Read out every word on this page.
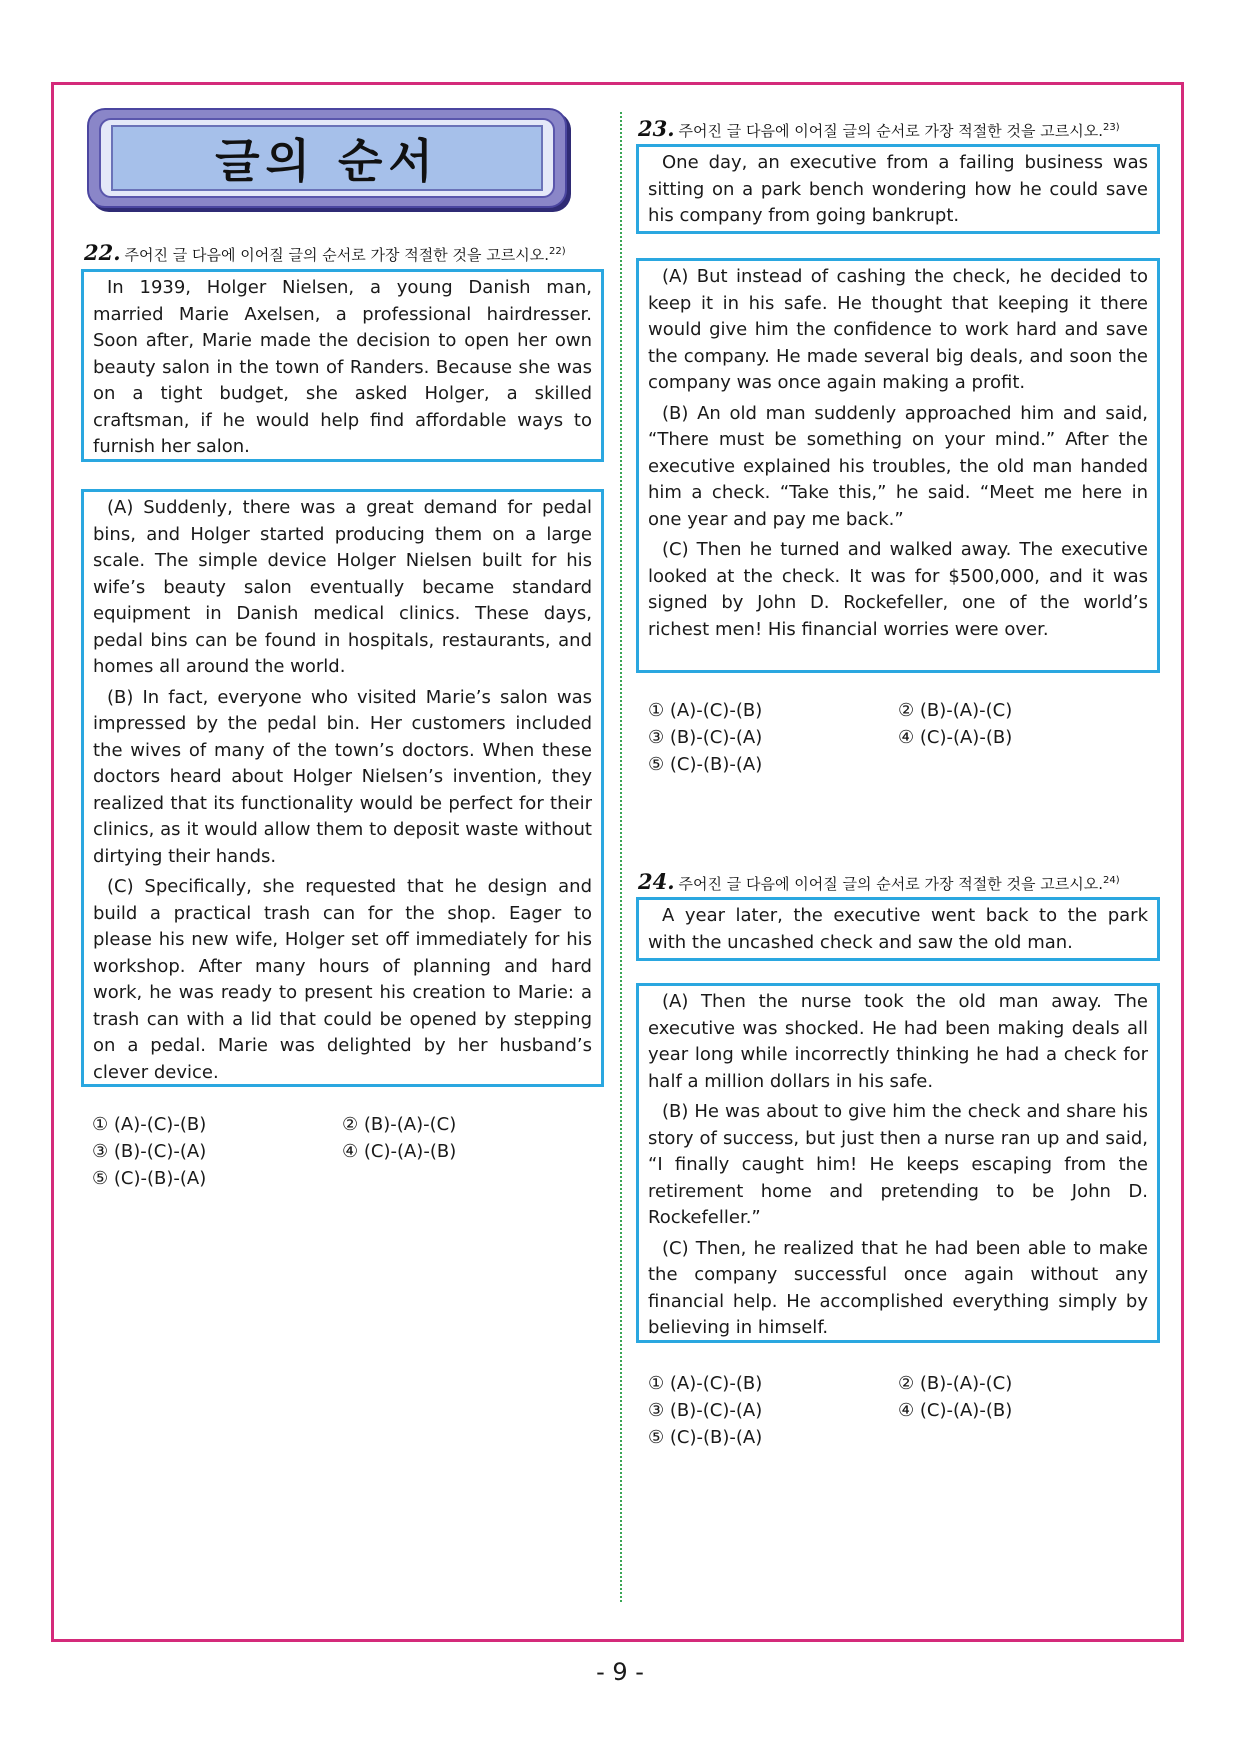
글의 순서
22. 주어진 글 다음에 이어질 글의 순서로 가장 적절한 것을 고르시오.$^{22)}$

In 1939, Holger Nielsen, a young Danish man, married Marie Axelsen, a professional hairdresser. Soon after, Marie made the decision to open her own beauty salon in the town of Randers. Because she was on a tight budget, she asked Holger, a skilled craftsman, if he would help find affordable ways to furnish her salon.

(A) Suddenly, there was a great demand for pedal bins, and Holger started producing them on a large scale. The simple device Holger Nielsen built for his wife’s beauty salon eventually became standard equipment in Danish medical clinics. These days, pedal bins can be found in hospitals, restaurants, and homes all around the world.

(B) In fact, everyone who visited Marie’s salon was impressed by the pedal bin. Her customers included the wives of many of the town’s doctors. When these doctors heard about Holger Nielsen’s invention, they realized that its functionality would be perfect for their clinics, as it would allow them to deposit waste without dirtying their hands.

(C) Specifically, she requested that he design and build a practical trash can for the shop. Eager to please his new wife, Holger set off immediately for his workshop. After many hours of planning and hard work, he was ready to present his creation to Marie: a trash can with a lid that could be opened by stepping on a pedal. Marie was delighted by her husband’s clever device.

① (A)-(C)-(B)	② (B)-(A)-(C)
③ (B)-(C)-(A)	④ (C)-(A)-(B)
⑤ (C)-(B)-(A)
23. 주어진 글 다음에 이어질 글의 순서로 가장 적절한 것을 고르시오.$^{23)}$

One day, an executive from a failing business was sitting on a park bench wondering how he could save his company from going bankrupt.

(A) But instead of cashing the check, he decided to keep it in his safe. He thought that keeping it there would give him the confidence to work hard and save the company. He made several big deals, and soon the company was once again making a profit.

(B) An old man suddenly approached him and said, “There must be something on your mind.” After the executive explained his troubles, the old man handed him a check. “Take this,” he said. “Meet me here in one year and pay me back.”

(C) Then he turned and walked away. The executive looked at the check. It was for $500,000, and it was signed by John D. Rockefeller, one of the world’s richest men! His financial worries were over.

① (A)-(C)-(B)	② (B)-(A)-(C)
③ (B)-(C)-(A)	④ (C)-(A)-(B)
⑤ (C)-(B)-(A)
24. 주어진 글 다음에 이어질 글의 순서로 가장 적절한 것을 고르시오.$^{24)}$

A year later, the executive went back to the park with the uncashed check and saw the old man.

(A) Then the nurse took the old man away. The executive was shocked. He had been making deals all year long while incorrectly thinking he had a check for half a million dollars in his safe.

(B) He was about to give him the check and share his story of success, but just then a nurse ran up and said, “I finally caught him! He keeps escaping from the retirement home and pretending to be John D. Rockefeller.”

(C) Then, he realized that he had been able to make the company successful once again without any financial help. He accomplished everything simply by believing in himself.

① (A)-(C)-(B)	② (B)-(A)-(C)
③ (B)-(C)-(A)	④ (C)-(A)-(B)
⑤ (C)-(B)-(A)
- 9 -
